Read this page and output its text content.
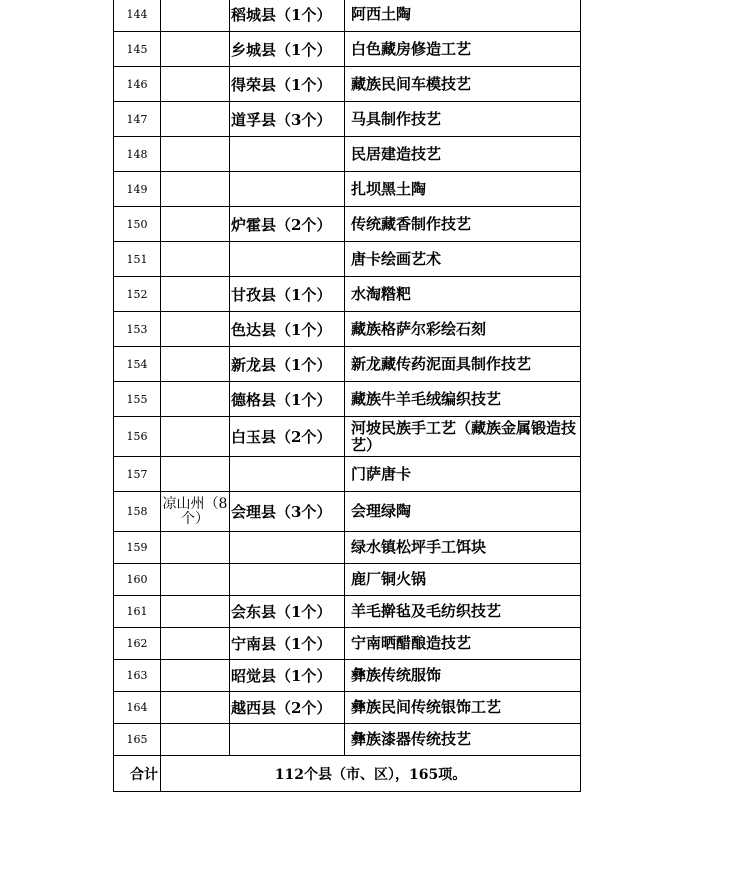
144		稻城县（1个）	阿西土陶
145		乡城县（1个）	白色藏房修造工艺
146		得荣县（1个）	藏族民间车模技艺
147		道孚县（3个）	马具制作技艺
148			民居建造技艺
149			扎坝黑土陶
150		炉霍县（2个）	传统藏香制作技艺
151			唐卡绘画艺术
152		甘孜县（1个）	水淘糌粑
153		色达县（1个）	藏族格萨尔彩绘石刻
154		新龙县（1个）	新龙藏传药泥面具制作技艺
155		德格县（1个）	藏族牛羊毛绒编织技艺
156		白玉县（2个）	河坡民族手工艺（藏族金属锻造技艺）
157			门萨唐卡
158	凉山州（8个）	会理县（3个）	会理绿陶
159			绿水镇松坪手工饵块
160			鹿厂铜火锅
161		会东县（1个）	羊毛擀毡及毛纺织技艺
162		宁南县（1个）	宁南晒醋酿造技艺
163		昭觉县（1个）	彝族传统服饰
164		越西县（2个）	彝族民间传统银饰工艺
165			彝族漆器传统技艺
合计	112个县（市、区），165项。		
